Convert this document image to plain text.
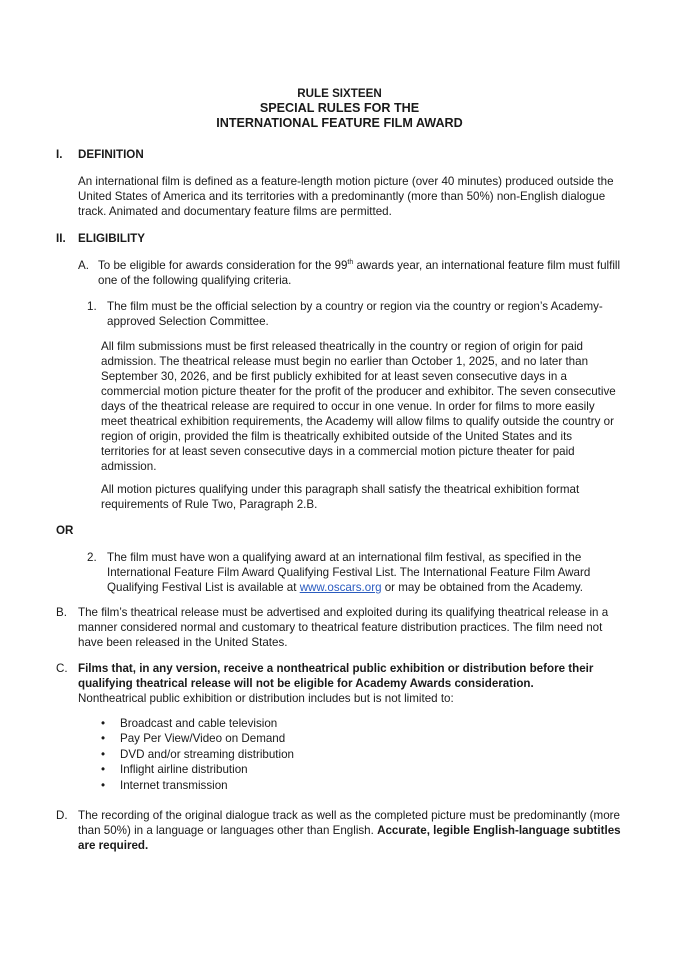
RULE SIXTEEN
SPECIAL RULES FOR THE
INTERNATIONAL FEATURE FILM AWARD
I. DEFINITION
An international film is defined as a feature-length motion picture (over 40 minutes) produced outside the United States of America and its territories with a predominantly (more than 50%) non-English dialogue track. Animated and documentary feature films are permitted.
II. ELIGIBILITY
A. To be eligible for awards consideration for the 99th awards year, an international feature film must fulfill one of the following qualifying criteria.
1. The film must be the official selection by a country or region via the country or region’s Academy-approved Selection Committee.
All film submissions must be first released theatrically in the country or region of origin for paid admission. The theatrical release must begin no earlier than October 1, 2025, and no later than September 30, 2026, and be first publicly exhibited for at least seven consecutive days in a commercial motion picture theater for the profit of the producer and exhibitor. The seven consecutive days of the theatrical release are required to occur in one venue. In order for films to more easily meet theatrical exhibition requirements, the Academy will allow films to qualify outside the country or region of origin, provided the film is theatrically exhibited outside of the United States and its territories for at least seven consecutive days in a commercial motion picture theater for paid admission.
All motion pictures qualifying under this paragraph shall satisfy the theatrical exhibition format requirements of Rule Two, Paragraph 2.B.
OR
2. The film must have won a qualifying award at an international film festival, as specified in the International Feature Film Award Qualifying Festival List. The International Feature Film Award Qualifying Festival List is available at www.oscars.org or may be obtained from the Academy.
B. The film’s theatrical release must be advertised and exploited during its qualifying theatrical release in a manner considered normal and customary to theatrical feature distribution practices. The film need not have been released in the United States.
C. Films that, in any version, receive a nontheatrical public exhibition or distribution before their qualifying theatrical release will not be eligible for Academy Awards consideration.
Nontheatrical public exhibition or distribution includes but is not limited to:
• Broadcast and cable television
• Pay Per View/Video on Demand
• DVD and/or streaming distribution
• Inflight airline distribution
• Internet transmission
D. The recording of the original dialogue track as well as the completed picture must be predominantly (more than 50%) in a language or languages other than English. Accurate, legible English-language subtitles are required.
